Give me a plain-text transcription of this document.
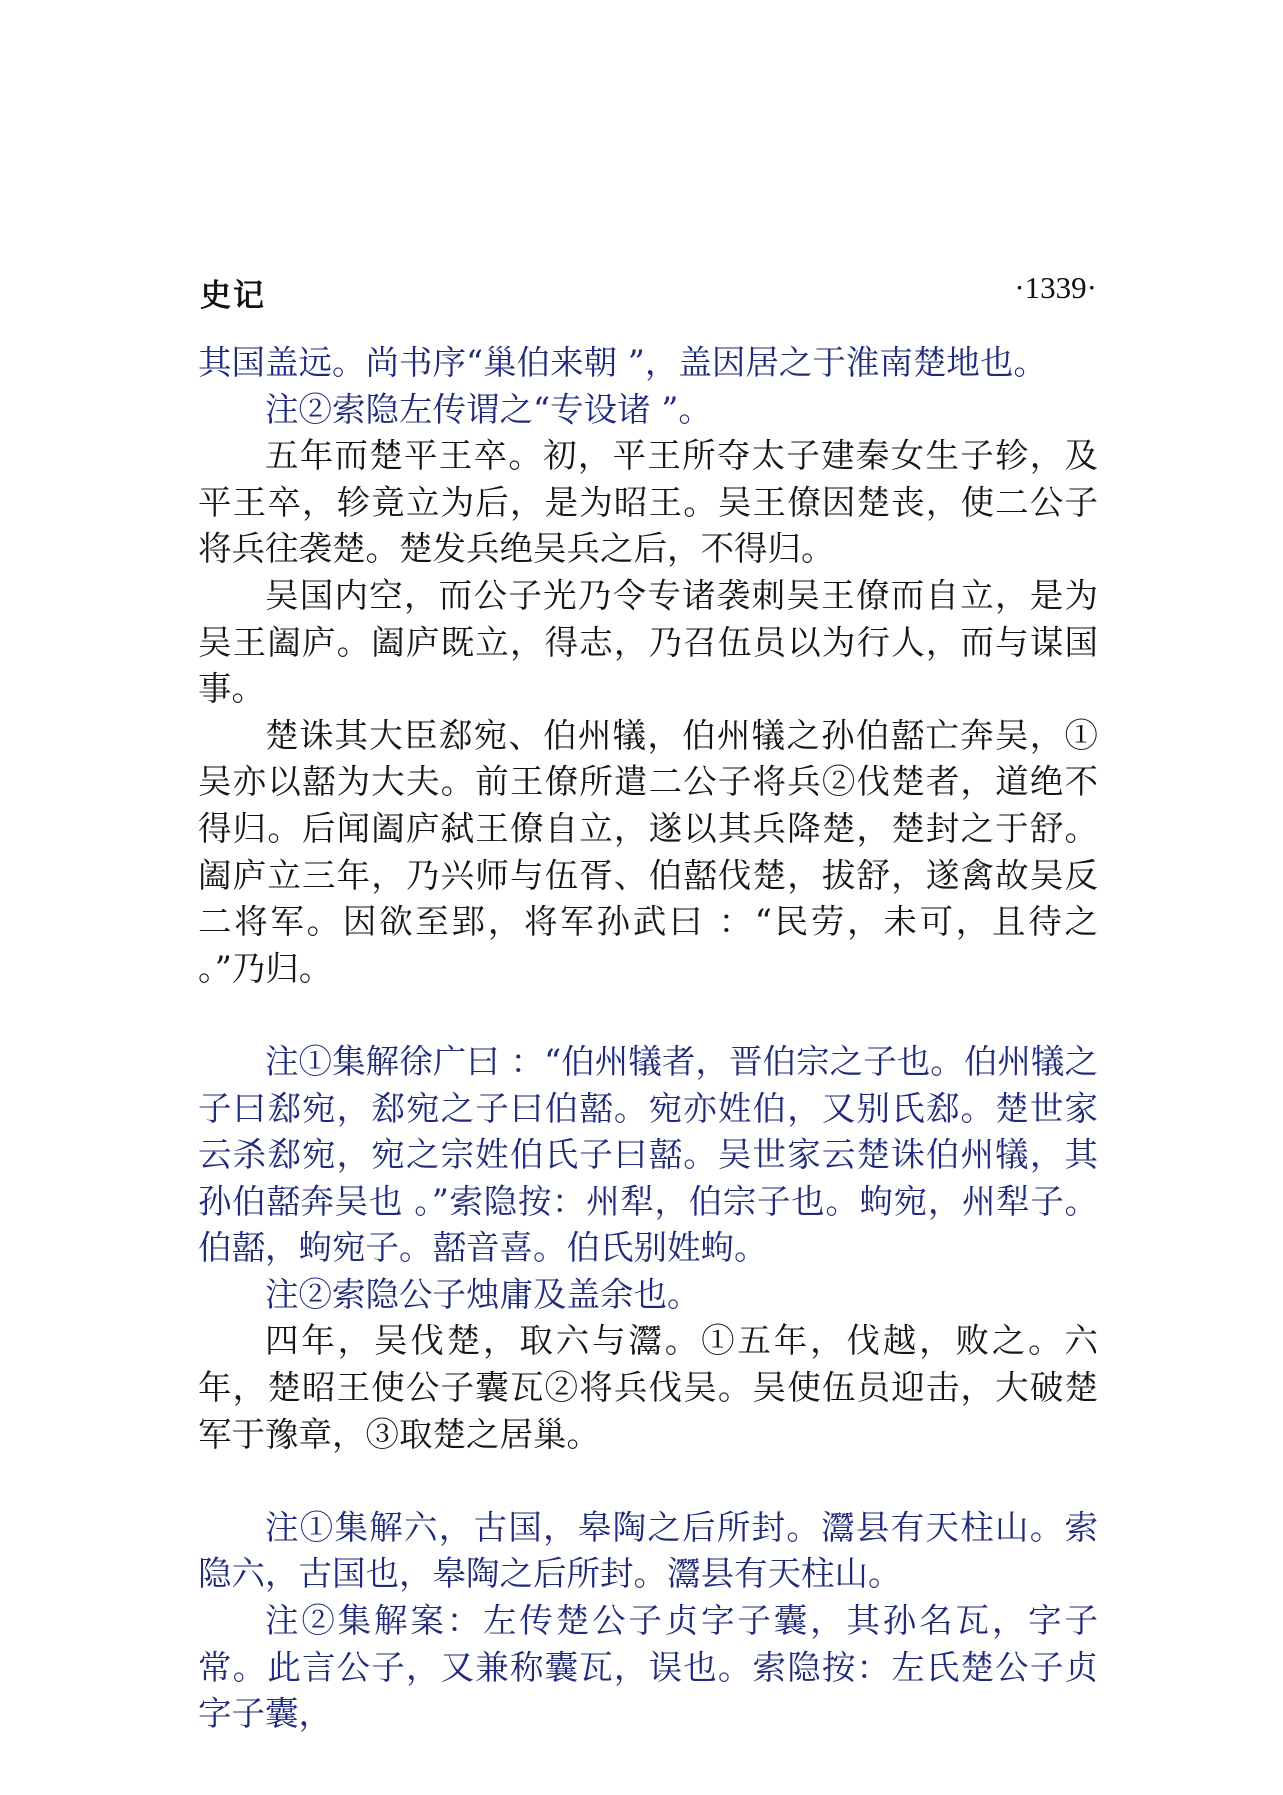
史记	·1339·

其国盖远。尚书序“巢伯来朝 ”，盖因居之于淮南楚地也。

注②索隐左传谓之“专设诸 ”。

五年而楚平王卒。初，平王所夺太子建秦女生子轸，及平王卒，轸竟立为后，是为昭王。吴王僚因楚丧，使二公子将兵往袭楚。楚发兵绝吴兵之后，不得归。

吴国内空，而公子光乃令专诸袭刺吴王僚而自立，是为吴王阖庐。阖庐既立，得志，乃召伍员以为行人，而与谋国事。

楚诛其大臣郄宛、伯州犠，伯州犠之孙伯嚭亡奔吴，①吴亦以嚭为大夫。前王僚所遣二公子将兵②伐楚者，道绝不得归。后闻阖庐弑王僚自立，遂以其兵降楚，楚封之于舒。阖庐立三年，乃兴师与伍胥、伯嚭伐楚，拔舒，遂禽故吴反二将军。因欲至郢，将军孙武曰 ：“民劳，未可，且待之 。”乃归。

注①集解徐广曰 ：“伯州犠者，晋伯宗之子也。伯州犠之子曰郄宛，郄宛之子曰伯嚭。宛亦姓伯，又别氏郄。楚世家云杀郄宛，宛之宗姓伯氏子曰嚭。吴世家云楚诛伯州犠，其孙伯嚭奔吴也 。”索隐按：州犁，伯宗子也。蚼宛，州犁子。伯嚭，蚼宛子。嚭音喜。伯氏别姓蚼。

注②索隐公子烛庸及盖余也。

四年，吴伐楚，取六与灊。①五年，伐越，败之。六年，楚昭王使公子囊瓦②将兵伐吴。吴使伍员迎击，大破楚军于豫章，③取楚之居巢。

注①集解六，古国，皋陶之后所封。灊县有天柱山。索隐六，古国也，皋陶之后所封。灊县有天柱山。

注②集解案：左传楚公子贞字子囊，其孙名瓦，字子常。此言公子，又兼称囊瓦，误也。索隐按：左氏楚公子贞字子囊，
